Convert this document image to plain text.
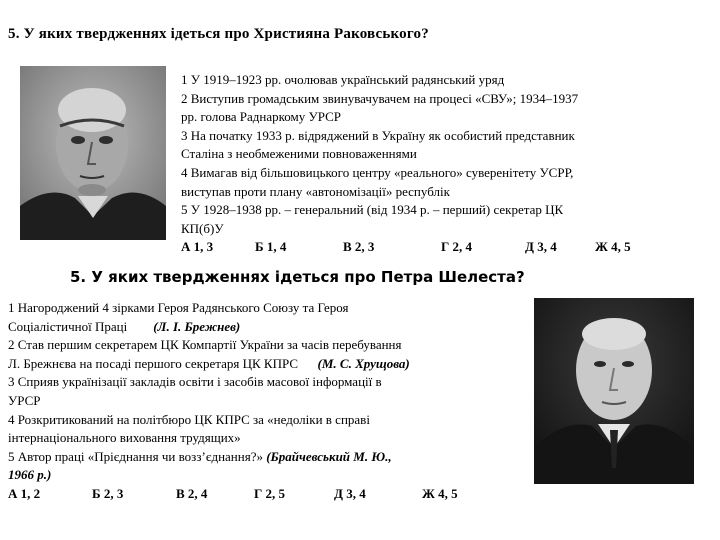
5. У яких твердженнях ідеться про Християна Раковського?
1 У 1919–1923 рр. очолював український радянський уряд
2 Виступив громадським звинувачувачем на процесі «СВУ»; 1934–1937
рр. голова Раднаркому УРСР
3 На початку 1933 р. відряджений в Україну як особистий представник
Сталіна з необмеженими повноваженнями
4 Вимагав від більшовицького центру «реального» суверенітету УСРР,
виступав проти плану «автономізації» республік
5 У 1928–1938 рр. – генеральний (від 1934 р. – перший) секретар ЦК
КП(б)У
А 1, 3	Б 1, 4	В 2, 3	Г 2, 4	Д 3, 4	Ж 4, 5
1 Нагороджений 4 зірками Героя Радянського Союзу та Героя
Соціалістичної Праці (Л. І. Брежнев)
2 Став першим секретарем ЦК Компартії України за часів перебування
Л. Брежнєва на посаді першого секретаря ЦК КПРС (М. С. Хрущова)
3 Сприяв українізації закладів освіти і засобів масової інформації в
УРСР
4 Розкритикований на політбюро ЦК КПРС за «недоліки в справі
інтернаціонального виховання трудящих»
5 Автор праці «Прієднання чи возз’єднання?» (Брайчевський М. Ю.,
1966 р.)
А 1, 2	Б 2, 3	В 2, 4	Г 2, 5	Д 3, 4	Ж 4, 5
5. У яких твердженнях ідеться про Петра Шелеста?
